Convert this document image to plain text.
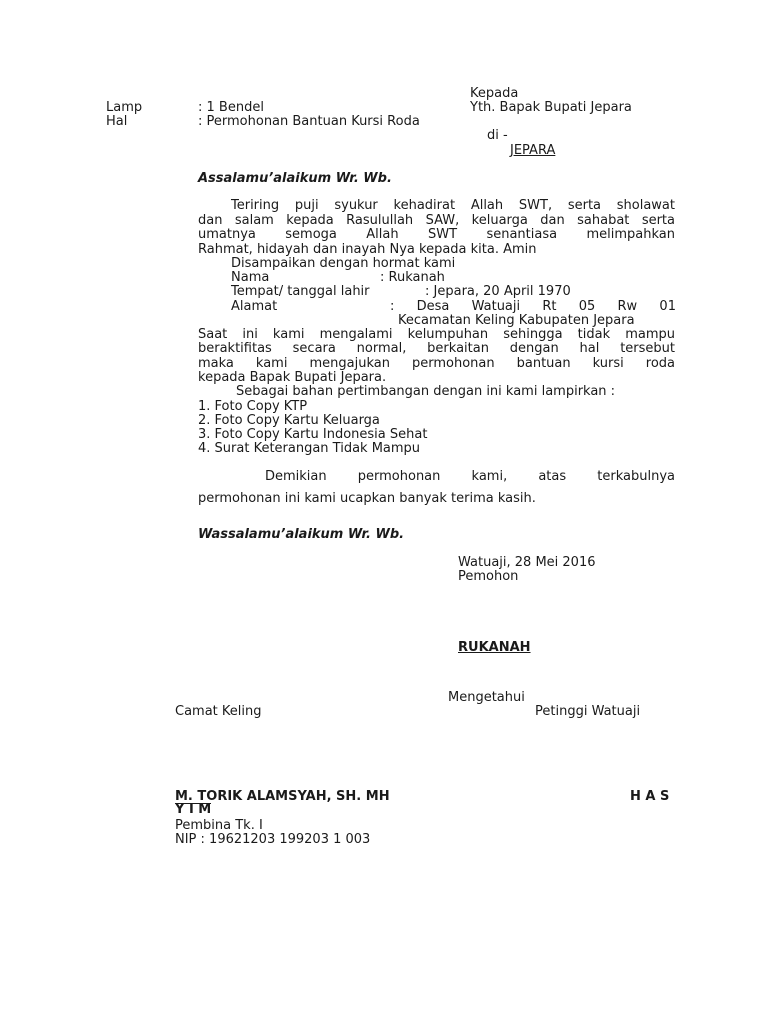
Kepada
Yth. Bapak Bupati Jepara
di -
JEPARA
Lamp	: 1 Bendel
Hal	: Permohonan Bantuan Kursi Roda
Assalamu’alaikum Wr. Wb.
Teriring puji syukur kehadirat Allah SWT, serta sholawat
dan salam kepada Rasulullah SAW, keluarga dan sahabat serta
umatnya semoga Allah SWT senantiasa melimpahkan
Rahmat, hidayah dan inayah Nya kepada kita. Amin
Disampaikan dengan hormat kami
Nama	: Rukanah
Tempat/ tanggal lahir	: Jepara, 20 April 1970
Alamat	: Desa Watuaji Rt 05 Rw 01
Kecamatan Keling Kabupaten Jepara
Saat ini kami mengalami kelumpuhan sehingga tidak mampu
beraktifitas secara normal, berkaitan dengan hal tersebut
maka kami mengajukan permohonan bantuan kursi roda
kepada Bapak Bupati Jepara.
Sebagai bahan pertimbangan dengan ini kami lampirkan :
1. Foto Copy KTP
2. Foto Copy Kartu Keluarga
3. Foto Copy Kartu Indonesia Sehat
4. Surat Keterangan Tidak Mampu
Demikian permohonan kami, atas terkabulnya
permohonan ini kami ucapkan banyak terima kasih.
Wassalamu’alaikum Wr. Wb.
Watuaji, 28 Mei 2016
Pemohon
RUKANAH
Mengetahui
Camat Keling	Petinggi Watuaji
M. TORIK ALAMSYAH, SH. MH	H A S
Y I M
Pembina Tk. I
NIP : 19621203 199203 1 003
